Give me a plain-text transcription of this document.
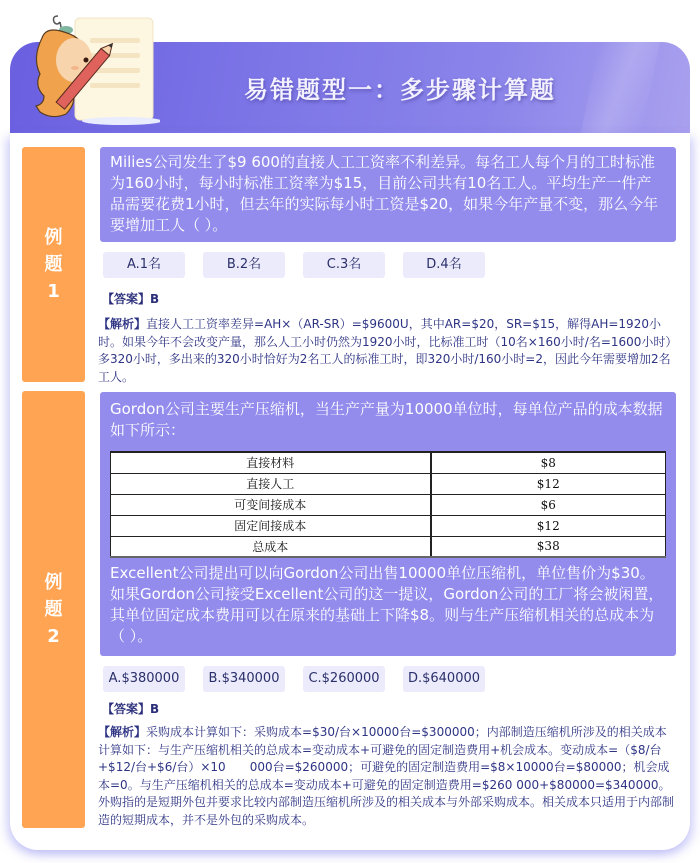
易错题型一：多步骤计算题
例
题
1
Milies公司发生了$9 600的直接人工工资率不利差异。每名工人每个月的工时标准为160小时，每小时标准工资率为$15，目前公司共有10名工人。平均生产一件产品需要花费1小时，但去年的实际每小时工资是$20，如果今年产量不变，那么今年要增加工人（ ）。
A.1名	B.2名	C.3名	D.4名
【答案】B
【解析】直接人工工资率差异=AH×（AR-SR）=$9600U，其中AR=$20，SR=$15，解得AH=1920小时。如果今年不会改变产量，那么人工小时仍然为1920小时，比标准工时（10名×160小时/名=1600小时）多320小时，多出来的320小时恰好为2名工人的标准工时，即320小时/160小时=2，因此今年需要增加2名工人。
例
题
2
Gordon公司主要生产压缩机，当生产产量为10000单位时，每单位产品的成本数据如下所示：
Excellent公司提出可以向Gordon公司出售10000单位压缩机，单位售价为$30。如果Gordon公司接受Excellent公司的这一提议，Gordon公司的工厂将会被闲置，其单位固定成本费用可以在原来的基础上下降$8。则与生产压缩机相关的总成本为（ ）。
直接材料	$8
直接人工	$12
可变间接成本	$6
固定间接成本	$12
总成本	$38
A.$380000	B.$340000	C.$260000	D.$640000
【答案】B
【解析】采购成本计算如下：采购成本=$30/台×10000台=$300000；内部制造压缩机所涉及的相关成本计算如下：与生产压缩机相关的总成本=变动成本+可避免的固定制造费用+机会成本。变动成本=（$8/台+$12/台+$6/台）×10　　000台=$260000；可避免的固定制造费用=$8×10000台=$80000；机会成本=0。与生产压缩机相关的总成本=变动成本+可避免的固定制造费用=$260 000+$80000=$340000。外购指的是短期外包并要求比较内部制造压缩机所涉及的相关成本与外部采购成本。相关成本只适用于内部制造的短期成本，并不是外包的采购成本。
